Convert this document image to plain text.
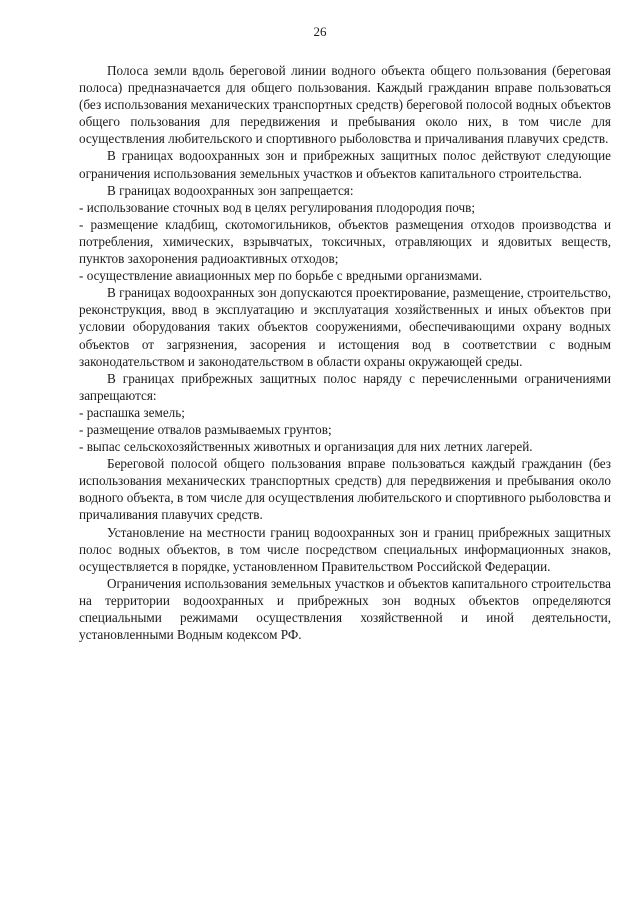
26

Полоса земли вдоль береговой линии водного объекта общего пользования (береговая полоса) предназначается для общего пользования. Каждый гражданин вправе пользоваться (без использования механических транспортных средств) береговой полосой водных объектов общего пользования для передвижения и пребывания около них, в том числе для осуществления любительского и спортивного рыболовства и причаливания плавучих средств.

В границах водоохранных зон и прибрежных защитных полос действуют следующие ограничения использования земельных участков и объектов капитального строительства.

В границах водоохранных зон запрещается:

- использование сточных вод в целях регулирования плодородия почв;

- размещение кладбищ, скотомогильников, объектов размещения отходов производства и потребления, химических, взрывчатых, токсичных, отравляющих и ядовитых веществ, пунктов захоронения радиоактивных отходов;

- осуществление авиационных мер по борьбе с вредными организмами.

В границах водоохранных зон допускаются проектирование, размещение, строительство, реконструкция, ввод в эксплуатацию и эксплуатация хозяйственных и иных объектов при условии оборудования таких объектов сооружениями, обеспечивающими охрану водных объектов от загрязнения, засорения и истощения вод в соответствии с водным законодательством и законодательством в области охраны окружающей среды.

В границах прибрежных защитных полос наряду с перечисленными ограничениями запрещаются:

- распашка земель;

- размещение отвалов размываемых грунтов;

- выпас сельскохозяйственных животных и организация для них летних лагерей.

Береговой полосой общего пользования вправе пользоваться каждый гражданин (без использования механических транспортных средств) для передвижения и пребывания около водного объекта, в том числе для осуществления любительского и спортивного рыболовства и причаливания плавучих средств.

Установление на местности границ водоохранных зон и границ прибрежных защитных полос водных объектов, в том числе посредством специальных информационных знаков, осуществляется в порядке, установленном Правительством Российской Федерации.

Ограничения использования земельных участков и объектов капитального строительства на территории водоохранных и прибрежных зон водных объектов определяются специальными режимами осуществления хозяйственной и иной деятельности, установленными Водным кодексом РФ.
